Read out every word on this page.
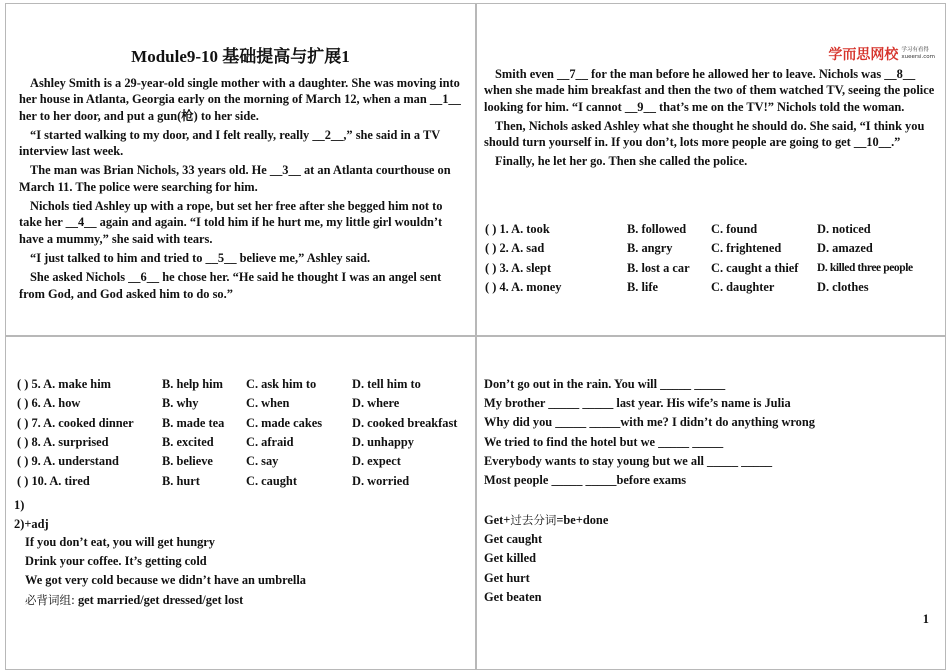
Module9-10 基础提高与扩展1

Ashley Smith is a 29-year-old single mother with a daughter. She was moving into her house in Atlanta, Georgia early on the morning of March 12, when a man __1__ her to her door, and put a gun(枪) to her side.

“I started walking to my door, and I felt really, really __2__,” she said in a TV interview last week.

The man was Brian Nichols, 33 years old. He __3__ at an Atlanta courthouse on March 11. The police were searching for him.

Nichols tied Ashley up with a rope, but set her free after she begged him not to take her __4__ again and again. “I told him if he hurt me, my little girl wouldn’t have a mummy,” she said with tears.

“I just talked to him and tried to __5__ believe me,” Ashley said.

She asked Nichols __6__ he chose her. “He said he thought I was an angel sent from God, and God asked him to do so.”

学而思网校 学习有看得
xueersi.com

Smith even __7__ for the man before he allowed her to leave. Nichols was __8__ when she made him breakfast and then the two of them watched TV, seeing the police looking for him. “I cannot __9__ that’s me on the TV!” Nichols told the woman.

Then, Nichols asked Ashley what she thought he should do. She said, “I think you should turn yourself in. If you don’t, lots more people are going to get __10__.”

Finally, he let her go. Then she called the police.

( ) 1. A. took	B. followed	C. found	D. noticed
( ) 2. A. sad	B. angry	C. frightened	D. amazed
( ) 3. A. slept	B. lost a car	C. caught a thief	D. killed three people
( ) 4. A. money	B. life	C. daughter	D. clothes
( ) 5. A. make him	B. help him	C. ask him to	D. tell him to
( ) 6. A. how	B. why	C. when	D. where
( ) 7. A. cooked dinner	B. made tea	C. made cakes	D. cooked breakfast
( ) 8. A. surprised	B. excited	C. afraid	D. unhappy
( ) 9. A. understand	B. believe	C. say	D. expect
( ) 10. A. tired	B. hurt	C. caught	D. worried
1)
2)+adj
If you don’t eat, you will get hungry
Drink your coffee. It’s getting cold
We got very cold because we didn’t have an umbrella
必背词组: get married/get dressed/get lost
Don’t go out in the rain. You will _____ _____
My brother _____ _____ last year. His wife’s name is Julia
Why did you _____ _____with me? I didn’t do anything wrong
We tried to find the hotel but we _____ _____
Everybody wants to stay young but we all _____ _____
Most people _____ _____before exams
Get+过去分词=be+done
Get caught
Get killed
Get hurt
Get beaten
1
